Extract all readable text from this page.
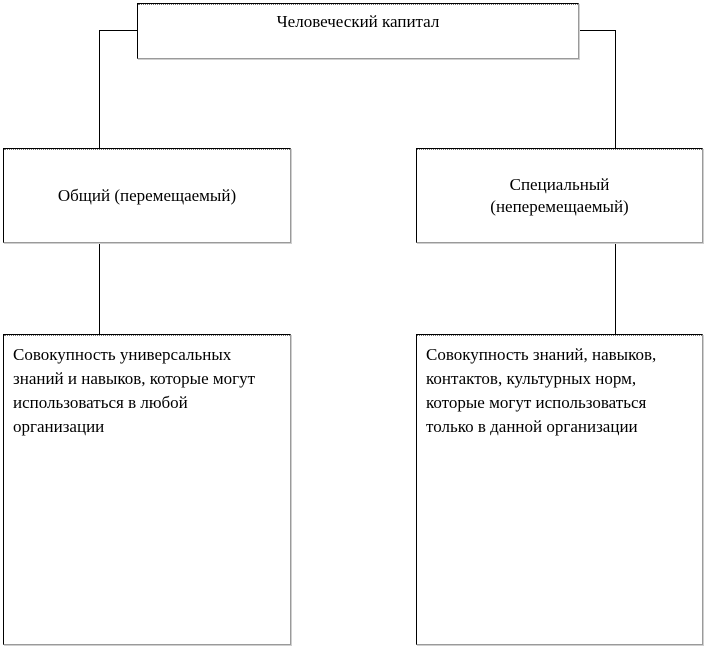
Человеческий капитал
Общий (перемещаемый)
Специальный (неперемещаемый)
Совокупность универсальных знаний и навыков, которые могут использоваться в любой организации
Совокупность знаний, навыков, контактов, культурных норм, которые могут использоваться только в данной организации
